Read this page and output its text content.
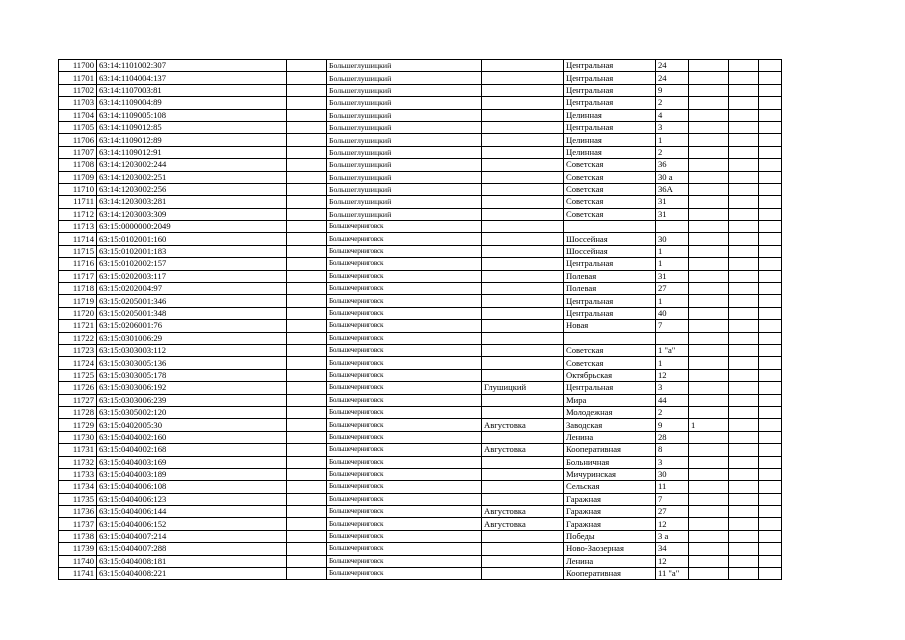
11700	63:14:1101002:307		Большеглушицкий		Центральная	24			
11701	63:14:1104004:137		Большеглушицкий		Центральная	24			
11702	63:14:1107003:81		Большеглушицкий		Центральная	9			
11703	63:14:1109004:89		Большеглушицкий		Центральная	2			
11704	63:14:1109005:108		Большеглушицкий		Целинная	4			
11705	63:14:1109012:85		Большеглушицкий		Центральная	3			
11706	63:14:1109012:89		Большеглушицкий		Целинная	1			
11707	63:14:1109012:91		Большеглушицкий		Целинная	2			
11708	63:14:1203002:244		Большеглушицкий		Советская	36			
11709	63:14:1203002:251		Большеглушицкий		Советская	30 а			
11710	63:14:1203002:256		Большеглушицкий		Советская	36А			
11711	63:14:1203003:281		Большеглушицкий		Советская	31			
11712	63:14:1203003:309		Большеглушицкий		Советская	31			
11713	63:15:0000000:2049		Большечерниговск						
11714	63:15:0102001:160		Большечерниговск		Шоссейная	30			
11715	63:15:0102001:183		Большечерниговск		Шоссейная	1			
11716	63:15:0102002:157		Большечерниговск		Центральная	1			
11717	63:15:0202003:117		Большечерниговск		Полевая	31			
11718	63:15:0202004:97		Большечерниговск		Полевая	27			
11719	63:15:0205001:346		Большечерниговск		Центральная	1			
11720	63:15:0205001:348		Большечерниговск		Центральная	40			
11721	63:15:0206001:76		Большечерниговск		Новая	7			
11722	63:15:0301006:29		Большечерниговск						
11723	63:15:0303003:112		Большечерниговск		Советская	1 "а"			
11724	63:15:0303005:136		Большечерниговск		Советская	1			
11725	63:15:0303005:178		Большечерниговск		Октябрьская	12			
11726	63:15:0303006:192		Большечерниговск	Глушицкий	Центральная	3			
11727	63:15:0303006:239		Большечерниговск		Мира	44			
11728	63:15:0305002:120		Большечерниговск		Молодежная	2			
11729	63:15:0402005:30		Большечерниговск	Августовка	Заводская	9	1		
11730	63:15:0404002:160		Большечерниговск		Ленина	28			
11731	63:15:0404002:168		Большечерниговск	Августовка	Кооперативная	8			
11732	63:15:0404003:169		Большечерниговск		Больничная	3			
11733	63:15:0404003:189		Большечерниговск		Мичуринская	30			
11734	63:15:0404006:108		Большечерниговск		Сельская	11			
11735	63:15:0404006:123		Большечерниговск		Гаражная	7			
11736	63:15:0404006:144		Большечерниговск	Августовка	Гаражная	27			
11737	63:15:0404006:152		Большечерниговск	Августовка	Гаражная	12			
11738	63:15:0404007:214		Большечерниговск		Победы	3 а			
11739	63:15:0404007:288		Большечерниговск		Ново-Заозерная	34			
11740	63:15:0404008:181		Большечерниговск		Ленина	12			
11741	63:15:0404008:221		Большечерниговск		Кооперативная	11 "а"			
